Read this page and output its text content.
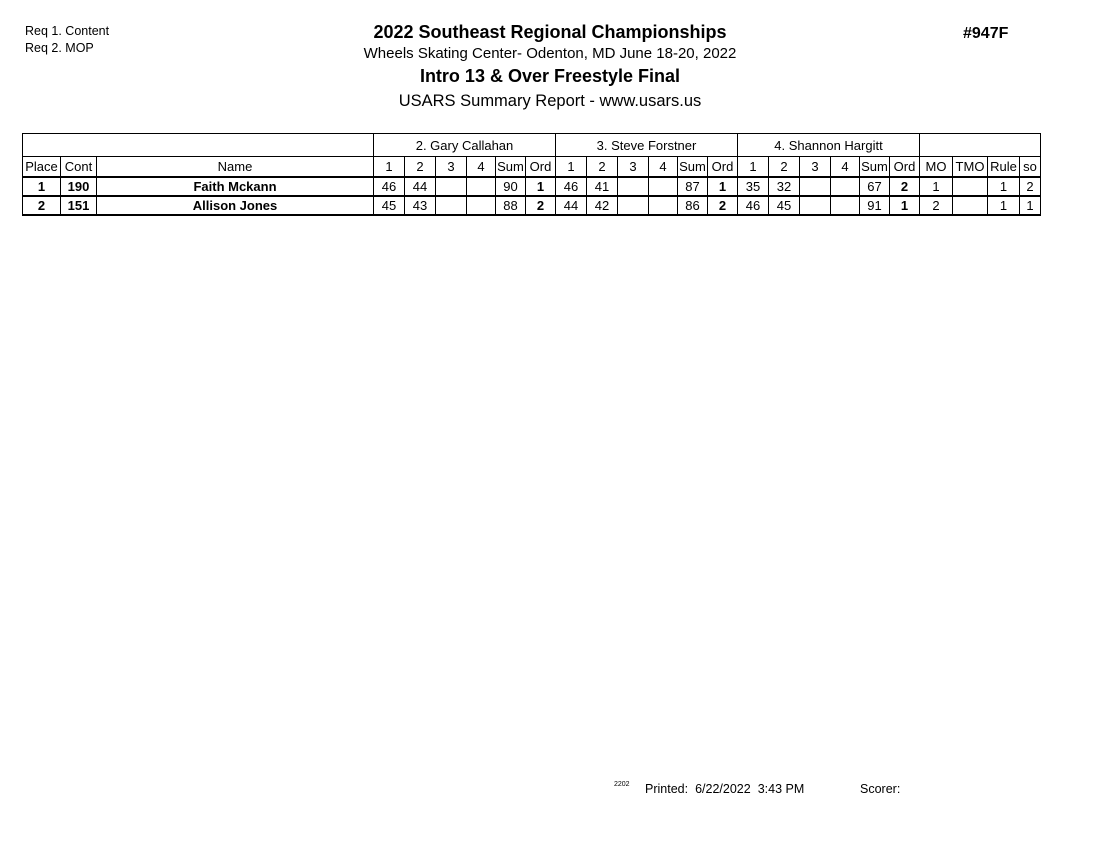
Req 1. Content
Req 2. MOP
2022 Southeast Regional Championships
Wheels Skating Center- Odenton, MD June 18-20, 2022
Intro 13 & Over Freestyle Final
USARS Summary Report - www.usars.us
#947F
			2. Gary Callahan						3. Steve Forstner						4. Shannon Hargitt									
Place	Cont	Name	1	2	3	4	Sum	Ord	1	2	3	4	Sum	Ord	1	2	3	4	Sum	Ord	MO	TMO	Rule	so
1	190	Faith Mckann	46	44			90	1	46	41			87	1	35	32			67	2	1		1	2
2	151	Allison Jones	45	43			88	2	44	42			86	2	46	45			91	1	2		1	1
2202 Printed: 6/22/2022 3:43 PM	Scorer:
